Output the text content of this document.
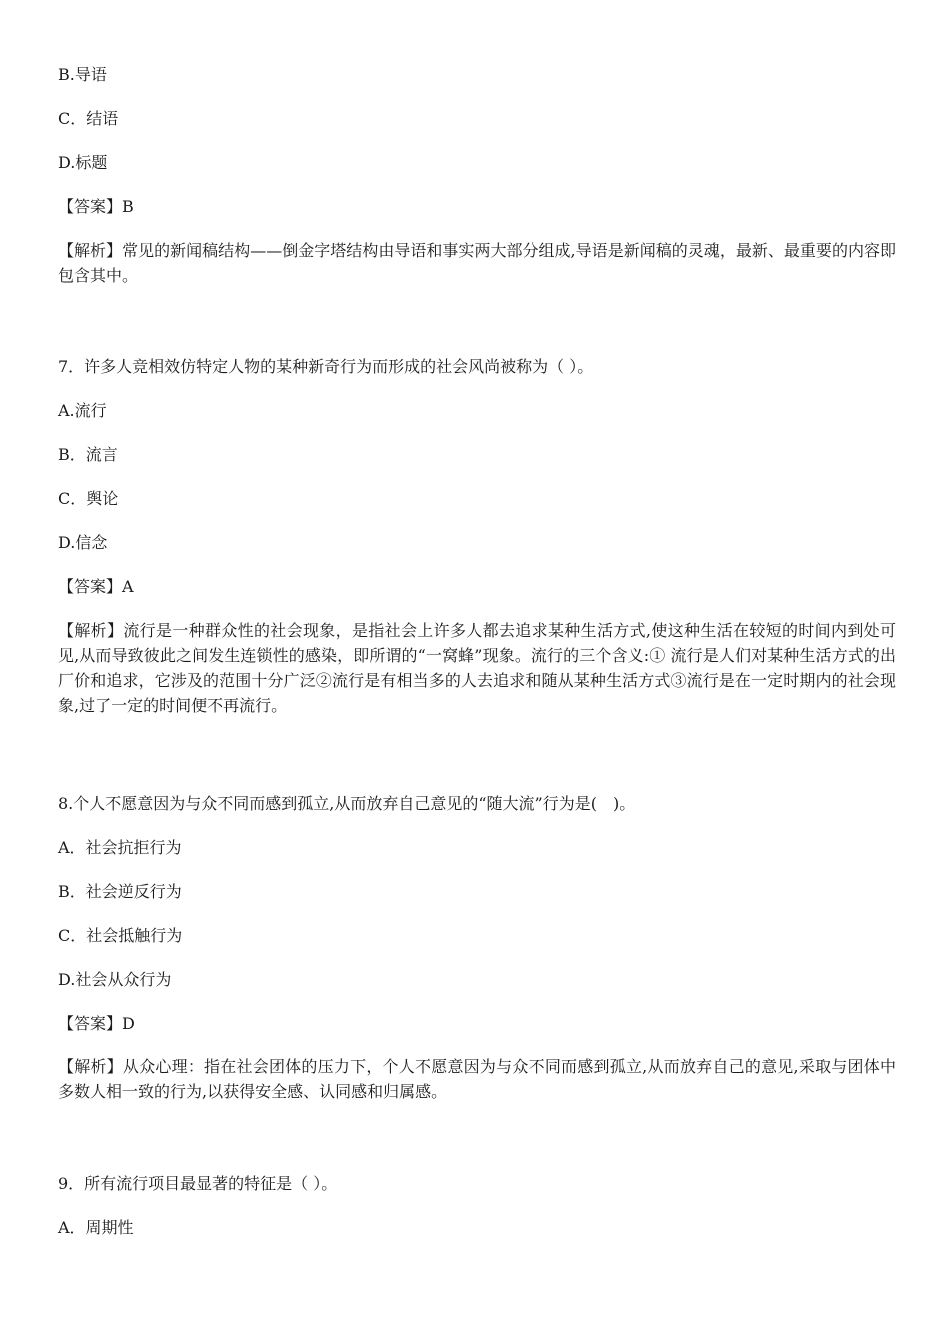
B.导语
C．结语
D.标题
【答案】B
【解析】常见的新闻稿结构——倒金字塔结构由导语和事实两大部分组成,导语是新闻稿的灵魂，最新、最重要的内容即包含其中。
7．许多人竞相效仿特定人物的某种新奇行为而形成的社会风尚被称为（ ）。
A.流行
B．流言
C．舆论
D.信念
【答案】A
【解析】流行是一种群众性的社会现象，是指社会上许多人都去追求某种生活方式,使这种生活在较短的时间内到处可见,从而导致彼此之间发生连锁性的感染，即所谓的“一窝蜂”现象。流行的三个含义:① 流行是人们对某种生活方式的出厂价和追求，它涉及的范围十分广泛②流行是有相当多的人去追求和随从某种生活方式③流行是在一定时期内的社会现象,过了一定的时间便不再流行。
8.个人不愿意因为与众不同而感到孤立,从而放弃自己意见的“随大流”行为是(　)。
A．社会抗拒行为
B．社会逆反行为
C．社会抵触行为
D.社会从众行为
【答案】D
【解析】从众心理：指在社会团体的压力下，个人不愿意因为与众不同而感到孤立,从而放弃自己的意见,采取与团体中多数人相一致的行为,以获得安全感、认同感和归属感。
9．所有流行项目最显著的特征是（ ）。
A．周期性
